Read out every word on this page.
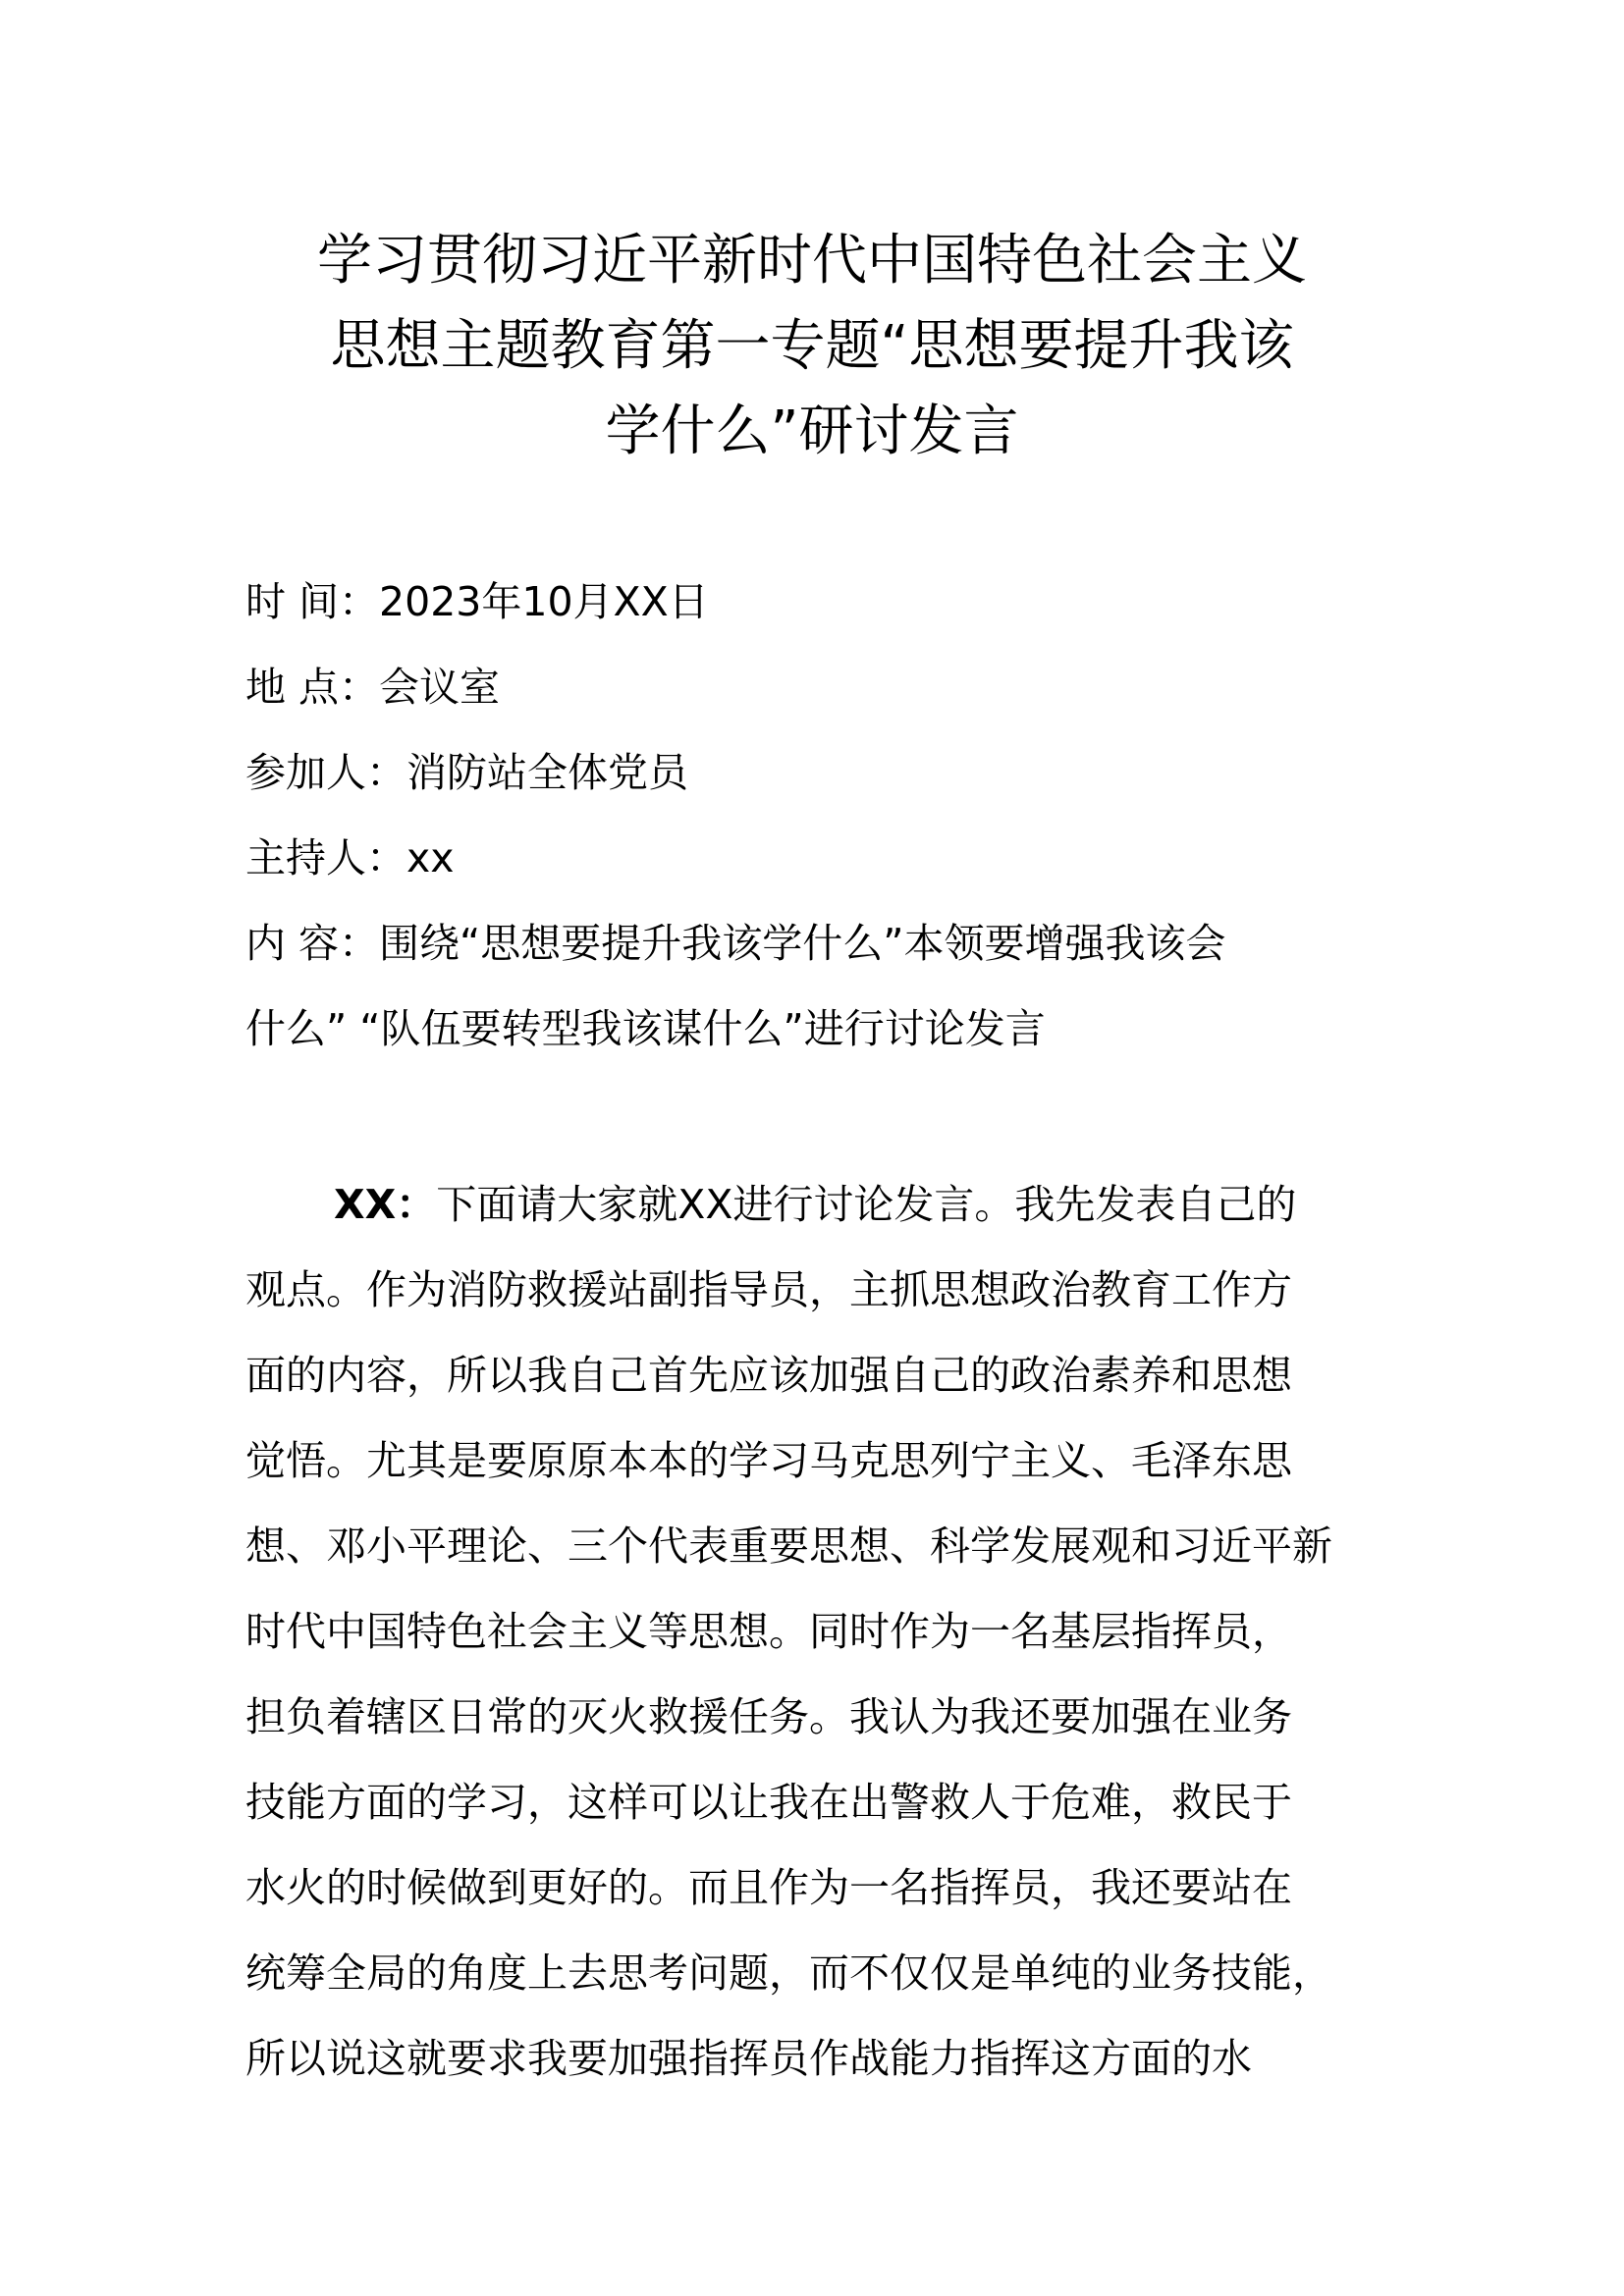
学习贯彻习近平新时代中国特色社会主义
思想主题教育第一专题“思想要提升我该
学什么”研讨发言

时 间：2023年10月XX日

地 点：会议室

参加人：消防站全体党员

主持人：xx

内 容：围绕“思想要提升我该学什么”本领要增强我该会

什么” “队伍要转型我该谋什么”进行讨论发言

XX：下面请大家就XX进行讨论发言。我先发表自己的

观点。作为消防救援站副指导员，主抓思想政治教育工作方

面的内容，所以我自己首先应该加强自己的政治素养和思想

觉悟。尤其是要原原本本的学习马克思列宁主义、毛泽东思

想、邓小平理论、三个代表重要思想、科学发展观和习近平新

时代中国特色社会主义等思想。同时作为一名基层指挥员，

担负着辖区日常的灭火救援任务。我认为我还要加强在业务

技能方面的学习，这样可以让我在出警救人于危难，救民于

水火的时候做到更好的。而且作为一名指挥员，我还要站在

统筹全局的角度上去思考问题，而不仅仅是单纯的业务技能，

所以说这就要求我要加强指挥员作战能力指挥这方面的水
